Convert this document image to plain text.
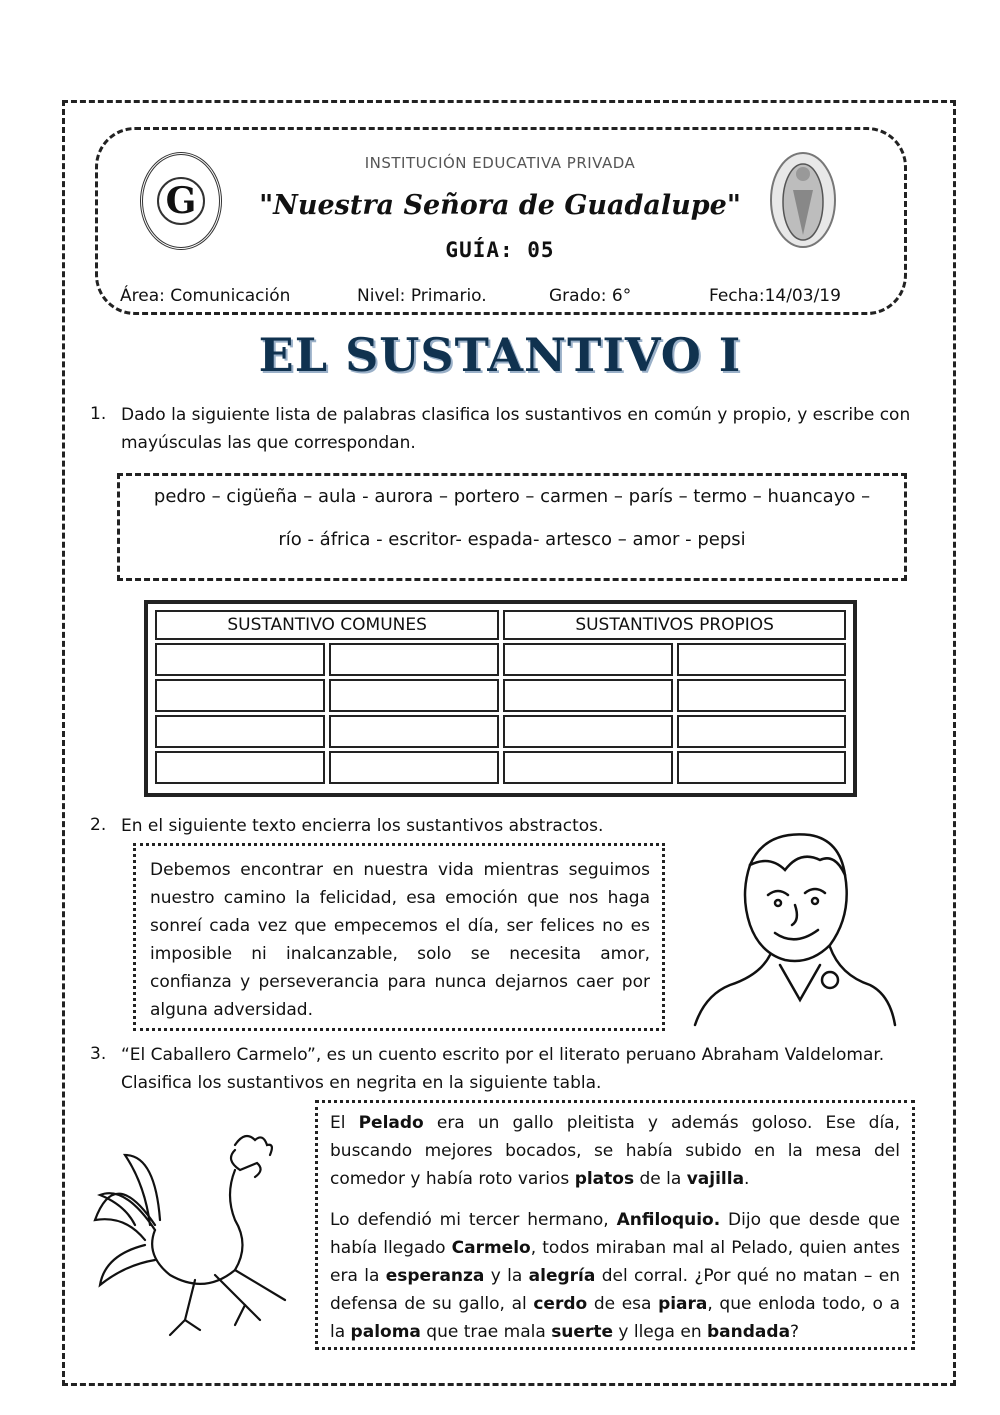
G
INSTITUCIÓN EDUCATIVA PRIVADA
"Nuestra Señora de Guadalupe"
GUÍA: 05
Área: Comunicación	Nivel: Primario.	Grado: 6°	Fecha:14/03/19
EL SUSTANTIVO I
1. Dado la siguiente lista de palabras clasifica los sustantivos en común y propio, y escribe con mayúsculas las que correspondan.
pedro – cigüeña – aula - aurora – portero – carmen – parís – termo – huancayo –
río - áfrica - escritor- espada- artesco – amor - pepsi
SUSTANTIVO COMUNES		SUSTANTIVOS PROPIOS	

2. En el siguiente texto encierra los sustantivos abstractos.
Debemos encontrar en nuestra vida mientras seguimos nuestro camino la felicidad, esa emoción que nos haga sonreí cada vez que empecemos el día, ser felices no es imposible ni inalcanzable, solo se necesita amor, confianza y perseverancia para nunca dejarnos caer por alguna adversidad.
3. “El Caballero Carmelo”, es un cuento escrito por el literato peruano Abraham Valdelomar. Clasifica los sustantivos en negrita en la siguiente tabla.
El Pelado era un gallo pleitista y además goloso. Ese día, buscando mejores bocados, se había subido en la mesa del comedor y había roto varios platos de la vajilla.
Lo defendió mi tercer hermano, Anfiloquio. Dijo que desde que había llegado Carmelo, todos miraban mal al Pelado, quien antes era la esperanza y la alegría del corral. ¿Por qué no matan – en defensa de su gallo, al cerdo de esa piara, que enloda todo, o a la paloma que trae mala suerte y llega en bandada?
